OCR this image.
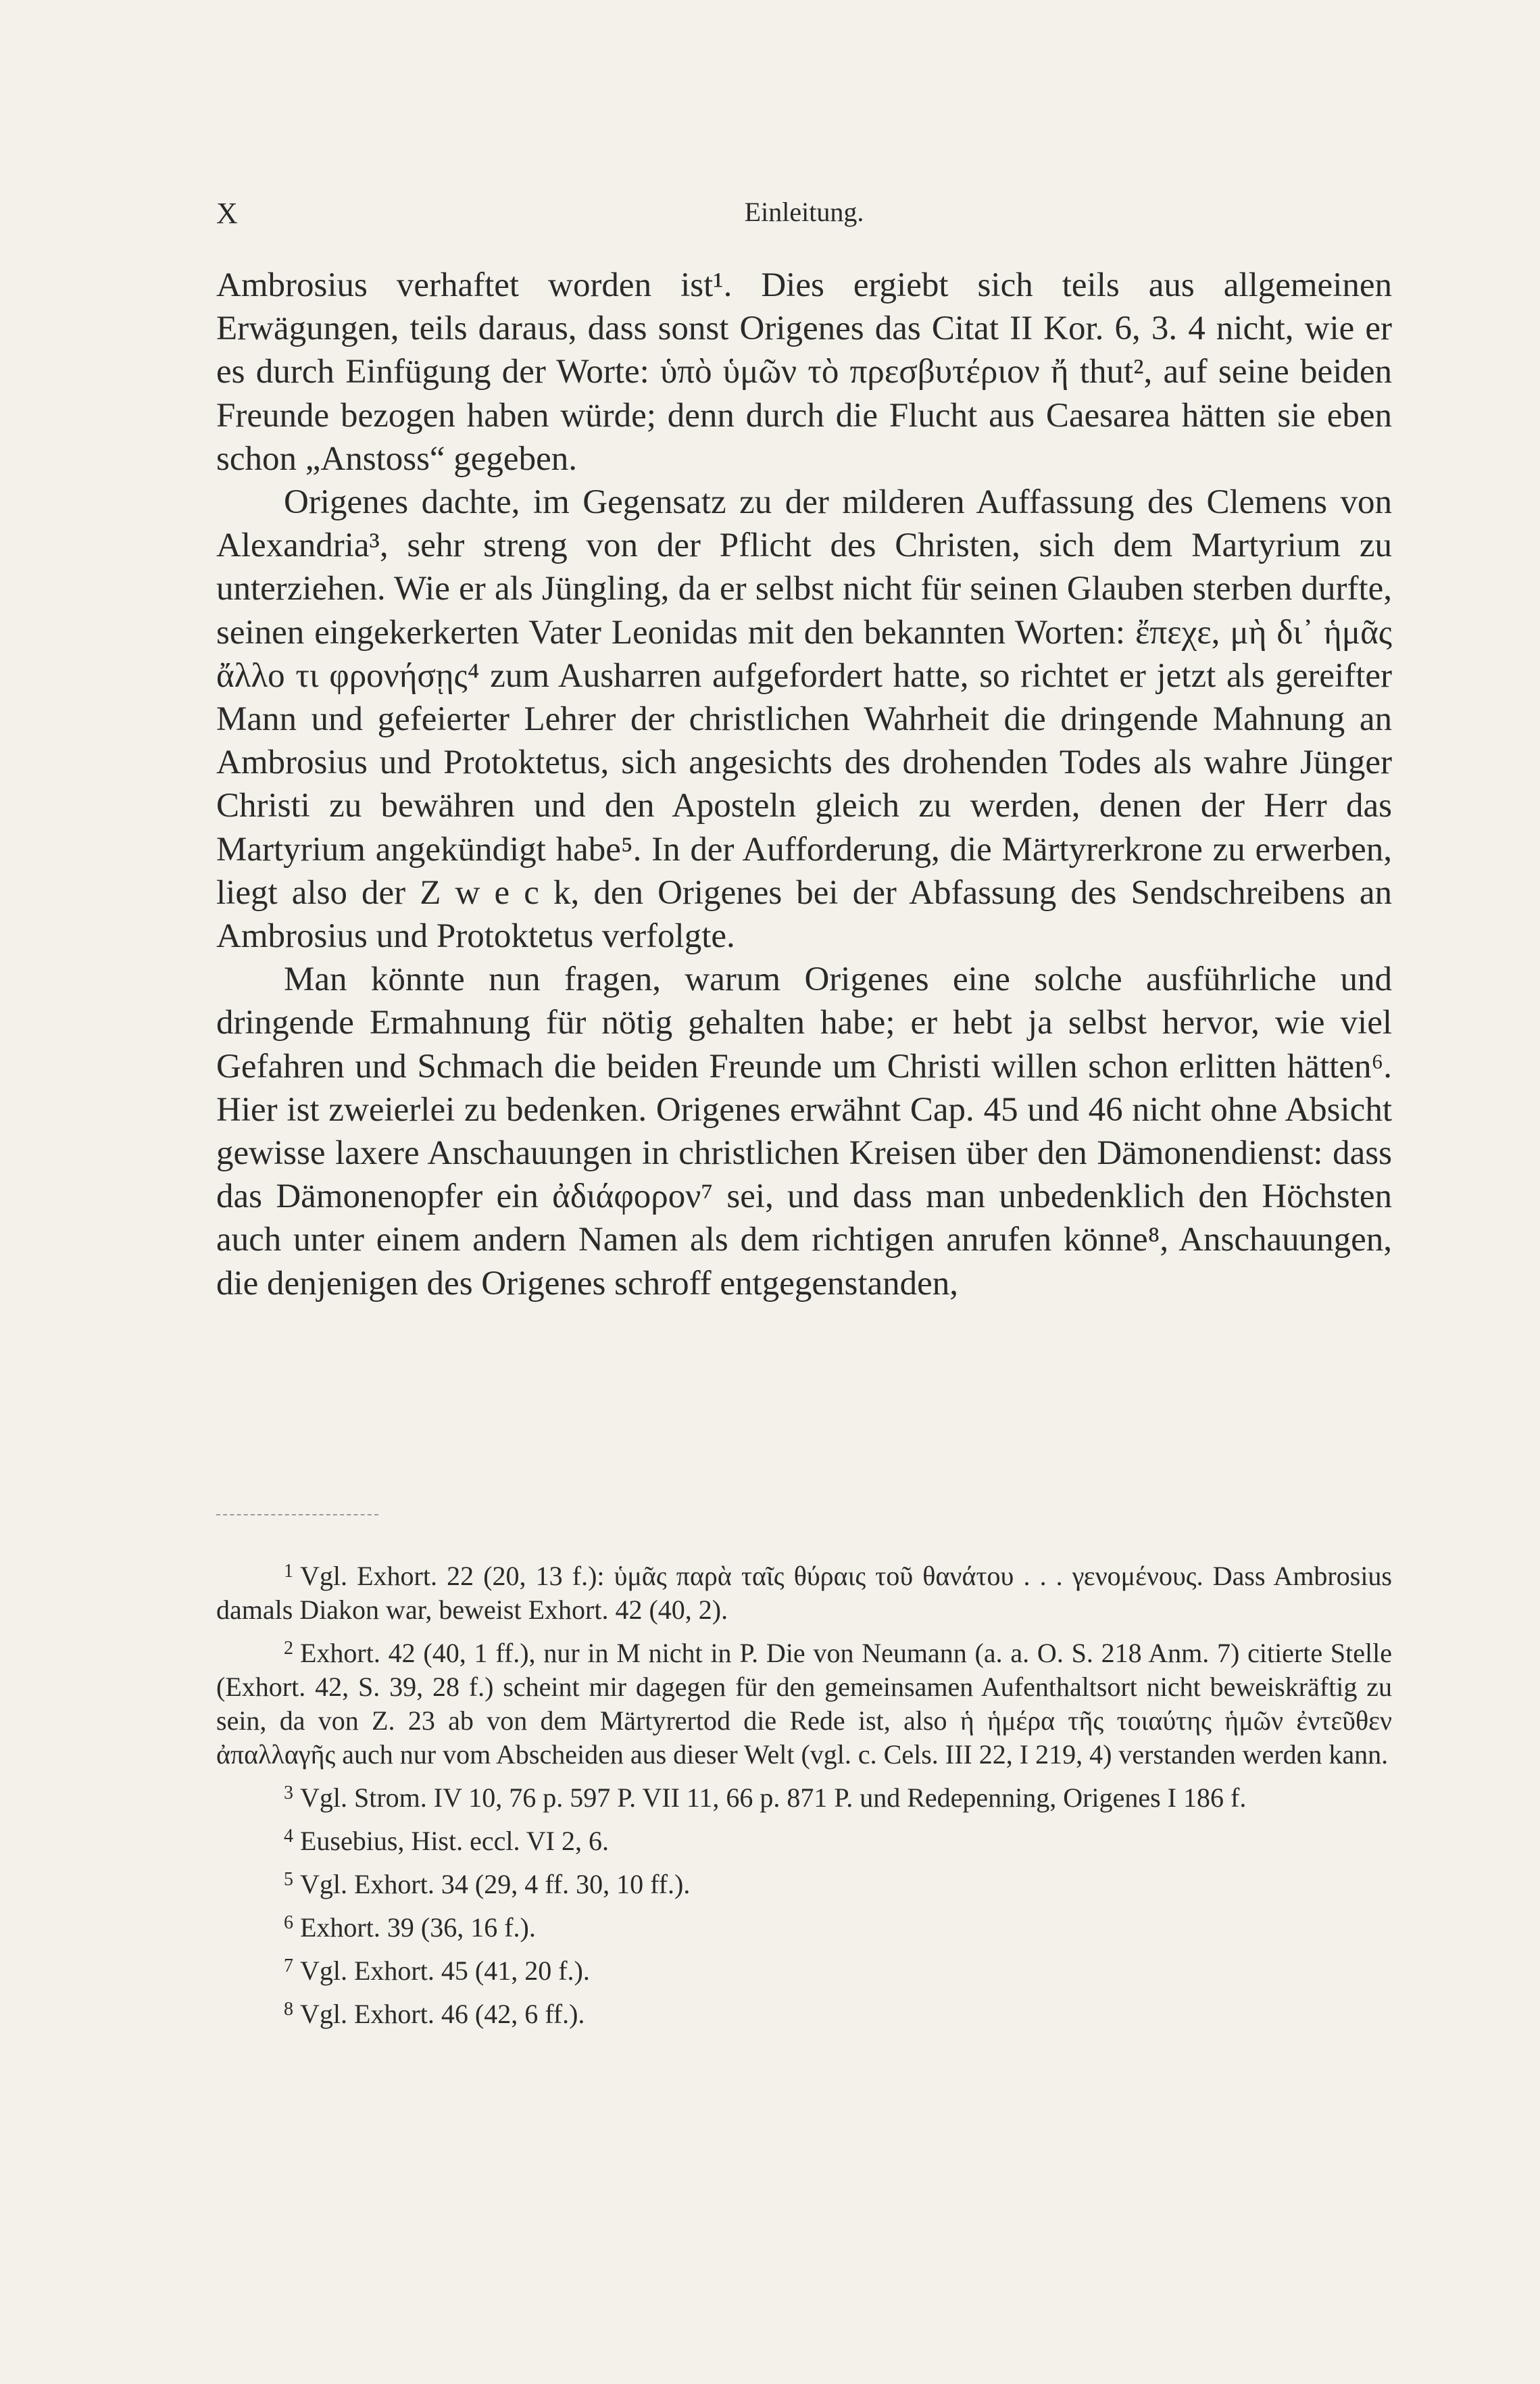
X	Einleitung.

Ambrosius verhaftet worden ist¹. Dies ergiebt sich teils aus allgemeinen Erwägungen, teils daraus, dass sonst Origenes das Citat II Kor. 6, 3. 4 nicht, wie er es durch Einfügung der Worte: ὑπὸ ὑμῶν τὸ πρεσβυτέριον ἤ thut², auf seine beiden Freunde bezogen haben würde; denn durch die Flucht aus Caesarea hätten sie eben schon „Anstoss“ gegeben.

Origenes dachte, im Gegensatz zu der milderen Auffassung des Clemens von Alexandria³, sehr streng von der Pflicht des Christen, sich dem Martyrium zu unterziehen. Wie er als Jüngling, da er selbst nicht für seinen Glauben sterben durfte, seinen eingekerkerten Vater Leonidas mit den bekannten Worten: ἔπεχε, μὴ δι᾽ ἡμᾶς ἄλλο τι φρονήσῃς⁴ zum Ausharren aufgefordert hatte, so richtet er jetzt als gereifter Mann und gefeierter Lehrer der christlichen Wahrheit die dringende Mahnung an Ambrosius und Protoktetus, sich angesichts des drohenden Todes als wahre Jünger Christi zu bewähren und den Aposteln gleich zu werden, denen der Herr das Martyrium angekündigt habe⁵. In der Aufforderung, die Märtyrerkrone zu erwerben, liegt also der Z w e c k, den Origenes bei der Abfassung des Sendschreibens an Ambrosius und Protoktetus verfolgte.

Man könnte nun fragen, warum Origenes eine solche ausführliche und dringende Ermahnung für nötig gehalten habe; er hebt ja selbst hervor, wie viel Gefahren und Schmach die beiden Freunde um Christi willen schon erlitten hätten⁶. Hier ist zweierlei zu bedenken. Origenes erwähnt Cap. 45 und 46 nicht ohne Absicht gewisse laxere Anschauungen in christlichen Kreisen über den Dämonendienst: dass das Dämonenopfer ein ἀδιάφορον⁷ sei, und dass man unbedenklich den Höchsten auch unter einem andern Namen als dem richtigen anrufen könne⁸, Anschauungen, die denjenigen des Origenes schroff entgegenstanden,

$^1$ Vgl. Exhort. 22 (20, 13 f.): ὑμᾶς παρὰ ταῖς θύραις τοῦ θανάτου . . . γενομένους. Dass Ambrosius damals Diakon war, beweist Exhort. 42 (40, 2).

$^2$ Exhort. 42 (40, 1 ff.), nur in M nicht in P. Die von Neumann (a. a. O. S. 218 Anm. 7) citierte Stelle (Exhort. 42, S. 39, 28 f.) scheint mir dagegen für den gemeinsamen Aufenthaltsort nicht beweiskräftig zu sein, da von Z. 23 ab von dem Märtyrertod die Rede ist, also ἡ ἡμέρα τῆς τοιαύτης ἡμῶν ἐντεῦθεν ἀπαλλαγῆς auch nur vom Abscheiden aus dieser Welt (vgl. c. Cels. III 22, I 219, 4) verstanden werden kann.

$^3$ Vgl. Strom. IV 10, 76 p. 597 P. VII 11, 66 p. 871 P. und Redepenning, Origenes I 186 f.

$^4$ Eusebius, Hist. eccl. VI 2, 6.

$^5$ Vgl. Exhort. 34 (29, 4 ff. 30, 10 ff.).

$^6$ Exhort. 39 (36, 16 f.).

$^7$ Vgl. Exhort. 45 (41, 20 f.).

$^8$ Vgl. Exhort. 46 (42, 6 ff.).
